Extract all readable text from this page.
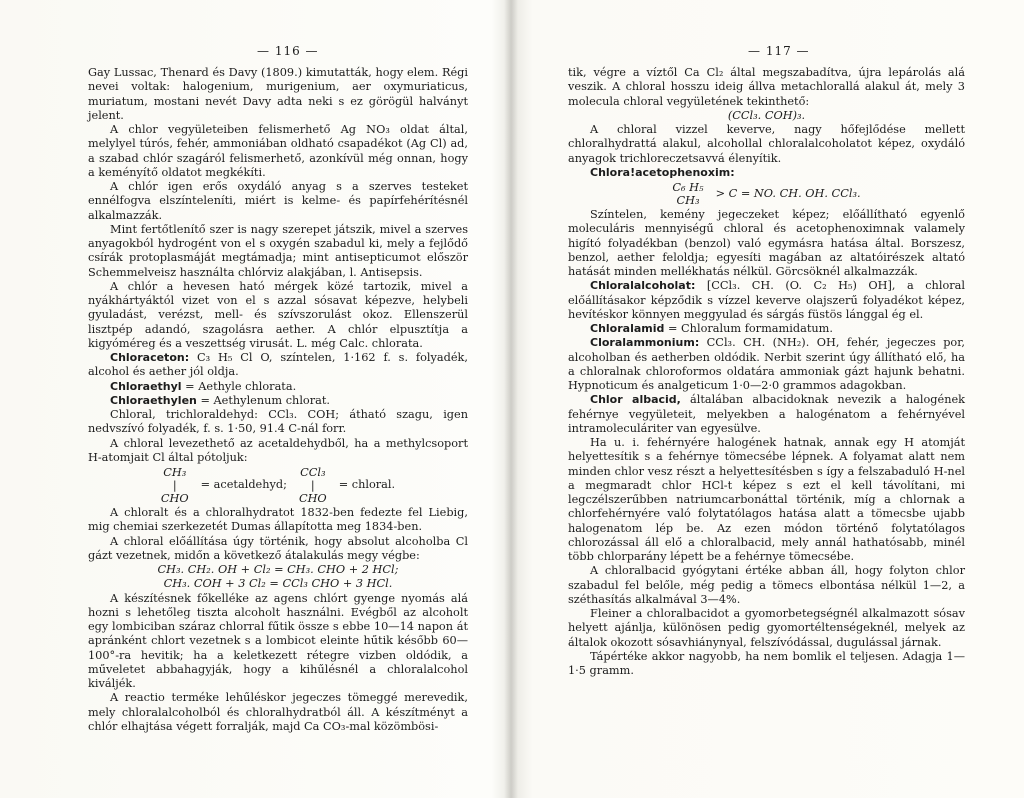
— 116 —

Gay Lussac, Thenard és Davy (1809.) kimutatták, hogy elem. Régi nevei voltak: halogenium, murigenium, aer oxymuriaticus, muriatum, mostani nevét Davy adta neki s ez görögül halványt jelent.

A chlor vegyületeiben felismerhető Ag NO₃ oldat által, melylyel túrós, fehér, ammoniában oldható csapadékot (Ag Cl) ad, a szabad chlór szagáról felismerhető, azonkívül még onnan, hogy a keményítő oldatot megkékíti.

A chlór igen erős oxydáló anyag s a szerves testeket ennélfogva elszínteleníti, miért is kelme- és papírfehérítésnél alkalmazzák.

Mint fertőtlenítő szer is nagy szerepet játszik, mivel a szerves anyagokból hydrogént von el s oxygén szabadul ki, mely a fejlődő csírák protoplasmáját megtámadja; mint antisepticumot először Schemmelveisz használta chlórviz alakjában, l. Antisepsis.

A chlór a hevesen ható mérgek közé tartozik, mivel a nyákhártyáktól vizet von el s azzal sósavat képezve, helybeli gyuladást, verézst, mell- és szívszorulást okoz. Ellenszerül lisztpép adandó, szagolásra aether. A chlór elpusztítja a kigyóméreg és a veszettség virusát. L. még Calc. chlorata.

Chloraceton: C₃ H₅ Cl O, színtelen, 1·162 f. s. folyadék, alcohol és aether jól oldja.

Chloraethyl = Aethyle chlorata.

Chloraethylen = Aethylenum chlorat.

Chloral, trichloraldehyd: CCl₃. COH; átható szagu, igen nedvszívó folyadék, f. s. 1·50, 91.4 C-nál forr.

A chloral levezethető az acetaldehydből, ha a methylcsoport H-atomjait Cl által pótoljuk:

CH₃
|
CHO
= acetaldehyd;
CCl₃
|
CHO
= chloral.

A chloralt és a chloralhydratot 1832-ben fedezte fel Liebig, mig chemiai szerkezetét Dumas állapította meg 1834-ben.

A chloral előállítása úgy történik, hogy absolut alcoholba Cl gázt vezetnek, midőn a következő átalakulás megy végbe:

CH₃. CH₂. OH + Cl₂ = CH₃. CHO + 2 HCl;

CH₃. COH + 3 Cl₂ = CCl₃ CHO + 3 HCl.

A készítésnek főkelléke az agens chlórt gyenge nyomás alá hozni s lehetőleg tiszta alcoholt használni. Evégből az alcoholt egy lombiciban száraz chlorral fűtik össze s ebbe 10—14 napon át apránként chlort vezetnek s a lombicot eleinte hűtik később 60—100°-ra hevitik; ha a keletkezett rétegre vizben oldódik, a műveletet abbahagyják, hogy a kihűlésnél a chloralalcohol kiváljék.

A reactio terméke lehűléskor jegeczes tömeggé merevedik, mely chloralalcoholból és chloralhydratból áll. A készítményt a chlór elhajtása végett forralják, majd Ca CO₃-mal közömbösi-

— 117 —

tik, végre a víztől Ca Cl₂ által megszabadítva, újra lepárolás alá veszik. A chloral hosszu ideig állva metachlorallá alakul át, mely 3 molecula chloral vegyületének tekinthető:

(CCl₃. COH)₃.

A chloral vizzel keverve, nagy hőfejlődése mellett chloralhydrattá alakul, alcohollal chloralalcoholatot képez, oxydáló anyagok trichloreczetsavvá élenyítik.

Chlora!acetophenoxim:

C₆ H₅
CH₃
> C = NO. CH. OH. CCl₃.

Színtelen, kemény jegeczeket képez; előállítható egyenlő moleculáris mennyiségű chloral és acetophenoximnak valamely higító folyadékban (benzol) való egymásra hatása által. Borszesz, benzol, aether feloldja; egyesíti magában az altatóirészek altató hatását minden mellékhatás nélkül. Görcsöknél alkalmazzák.

Chloralalcoholat: [CCl₃. CH. (O. C₂ H₅) OH], a chloral előállításakor képződik s vízzel keverve olajszerű folyadékot képez, hevítéskor könnyen meggyulad és sárgás füstös lánggal ég el.

Chloralamid = Chloralum formamidatum.

Cloralammonium: CCl₃. CH. (NH₂). OH, fehér, jegeczes por, alcoholban és aetherben oldódik. Nerbit szerint úgy állítható elő, ha a chloralnak chloroformos oldatára ammoniak gázt hajunk behatni. Hypnoticum és analgeticum 1·0—2·0 grammos adagokban.

Chlor albacid, általában albacidoknak nevezik a halogének fehérnye vegyületeit, melyekben a halogénatom a fehérnyével intramoleculáriter van egyesülve.

Ha u. i. fehérnyére halogének hatnak, annak egy H atomját helyettesítik s a fehérnye tömecsébe lépnek. A folyamat alatt nem minden chlor vesz részt a helyettesítésben s így a felszabaduló H-nel a megmaradt chlor HCl-t képez s ezt el kell távolítani, mi legczélszerűbben natriumcarbonáttal történik, míg a chlornak a chlorfehérnyére való folytatólagos hatása alatt a tömecsbe ujabb halogenatom lép be. Az ezen módon történő folytatólagos chlorozással áll elő a chloralbacid, mely annál hathatósabb, minél több chlorparány lépett be a fehérnye tömecsébe.

A chloralbacid gyógytani értéke abban áll, hogy folyton chlor szabadul fel belőle, még pedig a tömecs elbontása nélkül 1—2, a széthasítás alkalmával 3—4%.

Fleiner a chloralbacidot a gyomorbetegségnél alkalmazott sósav helyett ajánlja, különösen pedig gyomortéltenségeknél, melyek az általok okozott sósavhiánynyal, felszívódással, dugulással járnak.

Tápértéke akkor nagyobb, ha nem bomlik el teljesen. Adagja 1—1·5 gramm.
